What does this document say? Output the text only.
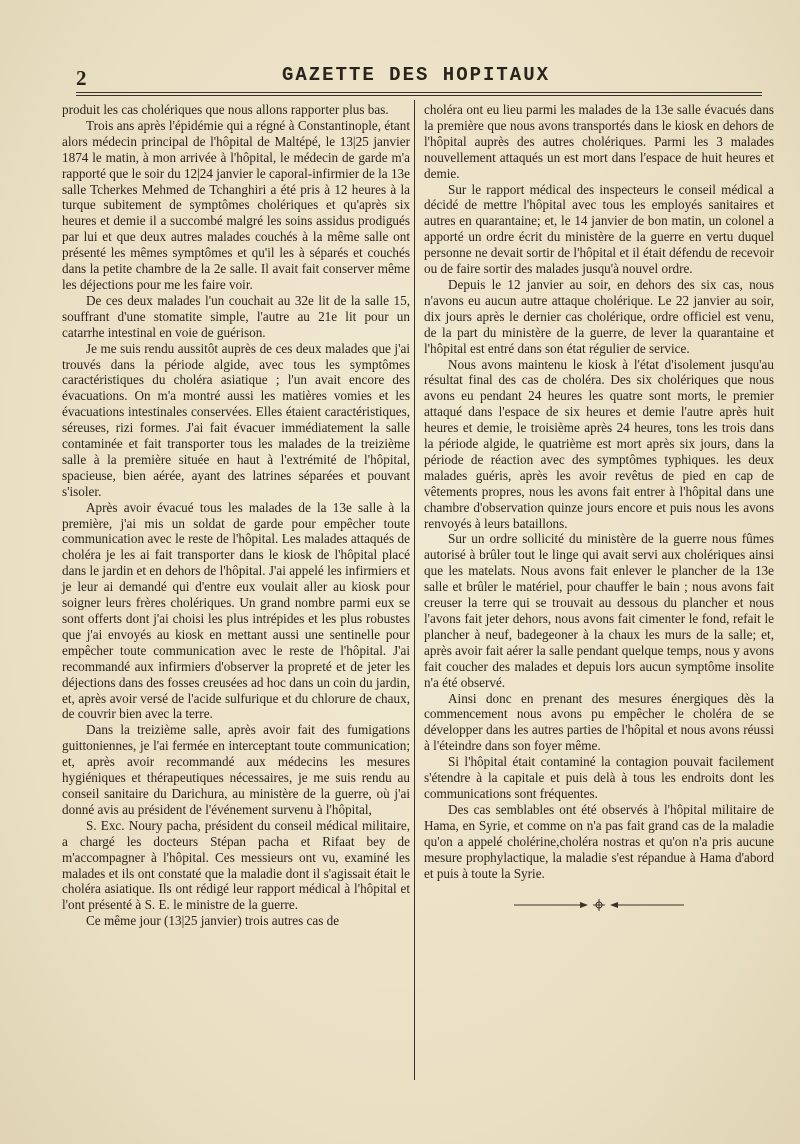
2	GAZETTE DES HOPITAUX

produit les cas cholériques que nous allons rapporter plus bas.

Trois ans après l'épidémie qui a régné à Constantinople, étant alors médecin principal de l'hôpital de Maltépé, le 13|25 janvier 1874 le matin, à mon arrivée à l'hôpital, le médecin de garde m'a rapporté que le soir du 12|24 janvier le caporal-infirmier de la 13e salle Tcherkes Mehmed de Tchanghiri a été pris à 12 heures à la turque subitement de symptômes cholériques et qu'après six heures et demie il a succombé malgré les soins assidus prodigués par lui et que deux autres malades couchés à la même salle ont présenté les mêmes symptômes et qu'il les à séparés et couchés dans la petite chambre de la 2e salle. Il avait fait conserver même les déjections pour me les faire voir.

De ces deux malades l'un couchait au 32e lit de la salle 15, souffrant d'une stomatite simple, l'autre au 21e lit pour un catarrhe intestinal en voie de guérison.

Je me suis rendu aussitôt auprès de ces deux malades que j'ai trouvés dans la période algide, avec tous les symptômes caractéristiques du choléra asiatique ; l'un avait encore des évacuations. On m'a montré aussi les matières vomies et les évacuations intestinales conservées. Elles étaient caractéristiques, séreuses, rizi formes. J'ai fait évacuer immédiatement la salle contaminée et fait transporter tous les malades de la treizième salle à la première située en haut à l'extrémité de l'hôpital, spacieuse, bien aérée, ayant des latrines séparées et pouvant s'isoler.

Après avoir évacué tous les malades de la 13e salle à la première, j'ai mis un soldat de garde pour empêcher toute communication avec le reste de l'hôpital. Les malades attaqués de choléra je les ai fait transporter dans le kiosk de l'hôpital placé dans le jardin et en dehors de l'hôpital. J'ai appelé les infirmiers et je leur ai demandé qui d'entre eux voulait aller au kiosk pour soigner leurs frères cholériques. Un grand nombre parmi eux se sont offerts dont j'ai choisi les plus intrépides et les plus robustes que j'ai envoyés au kiosk en mettant aussi une sentinelle pour empêcher toute communication avec le reste de l'hôpital. J'ai recommandé aux infirmiers d'observer la propreté et de jeter les déjections dans des fosses creusées ad hoc dans un coin du jardin, et, après avoir versé de l'acide sulfurique et du chlorure de chaux, de couvrir bien avec la terre.

Dans la treizième salle, après avoir fait des fumigations guittoniennes, je l'ai fermée en interceptant toute communication; et, après avoir recommandé aux médecins les mesures hygiéniques et thérapeutiques nécessaires, je me suis rendu au conseil sanitaire du Darichura, au ministère de la guerre, où j'ai donné avis au président de l'événement survenu à l'hôpital,

S. Exc. Noury pacha, président du conseil médical militaire, a chargé les docteurs Stépan pacha et Rifaat bey de m'accompagner à l'hôpital. Ces messieurs ont vu, examiné les malades et ils ont constaté que la maladie dont il s'agissait était le choléra asiatique. Ils ont rédigé leur rapport médical à l'hôpital et l'ont présenté à S. E. le ministre de la guerre.

Ce même jour (13|25 janvier) trois autres cas de

choléra ont eu lieu parmi les malades de la 13e salle évacués dans la première que nous avons transportés dans le kiosk en dehors de l'hôpital auprès des autres cholériques. Parmi les 3 malades nouvellement attaqués un est mort dans l'espace de huit heures et demie.

Sur le rapport médical des inspecteurs le conseil médical a décidé de mettre l'hôpital avec tous les employés sanitaires et autres en quarantaine; et, le 14 janvier de bon matin, un colonel a apporté un ordre écrit du ministère de la guerre en vertu duquel personne ne devait sortir de l'hôpital et il était défendu de recevoir ou de faire sortir des malades jusqu'à nouvel ordre.

Depuis le 12 janvier au soir, en dehors des six cas, nous n'avons eu aucun autre attaque cholérique. Le 22 janvier au soir, dix jours après le dernier cas cholérique, ordre officiel est venu, de la part du ministère de la guerre, de lever la quarantaine et l'hôpital est entré dans son état régulier de service.

Nous avons maintenu le kiosk à l'état d'isolement jusqu'au résultat final des cas de choléra. Des six cholériques que nous avons eu pendant 24 heures les quatre sont morts, le premier attaqué dans l'espace de six heures et demie l'autre après huit heures et demie, le troisième après 24 heures, tons les trois dans la période algide, le quatrième est mort après six jours, dans la période de réaction avec des symptômes typhiques. les deux malades guéris, après les avoir revêtus de pied en cap de vêtements propres, nous les avons fait entrer à l'hôpital dans une chambre d'observation quinze jours encore et puis nous les avons renvoyés à leurs bataillons.

Sur un ordre sollicité du ministère de la guerre nous fûmes autorisé à brûler tout le linge qui avait servi aux cholériques ainsi que les matelats. Nous avons fait enlever le plancher de la 13e salle et brûler le matériel, pour chauffer le bain ; nous avons fait creuser la terre qui se trouvait au dessous du plancher et nous l'avons fait jeter dehors, nous avons fait cimenter le fond, refait le plancher à neuf, badegeoner à la chaux les murs de la salle; et, après avoir fait aérer la salle pendant quelque temps, nous y avons fait coucher des malades et depuis lors aucun symptôme insolite n'a été observé.

Ainsi donc en prenant des mesures énergiques dès la commencement nous avons pu empêcher le choléra de se développer dans les autres parties de l'hôpital et nous avons réussi à l'éteindre dans son foyer même.

Si l'hôpital était contaminé la contagion pouvait facilement s'étendre à la capitale et puis delà à tous les endroits dont les communications sont fréquentes.

Des cas semblables ont été observés à l'hôpital militaire de Hama, en Syrie, et comme on n'a pas fait grand cas de la maladie qu'on a appelé cholérine,choléra nostras et qu'on n'a pris aucune mesure prophylactique, la maladie s'est répandue à Hama d'abord et puis à toute la Syrie.
